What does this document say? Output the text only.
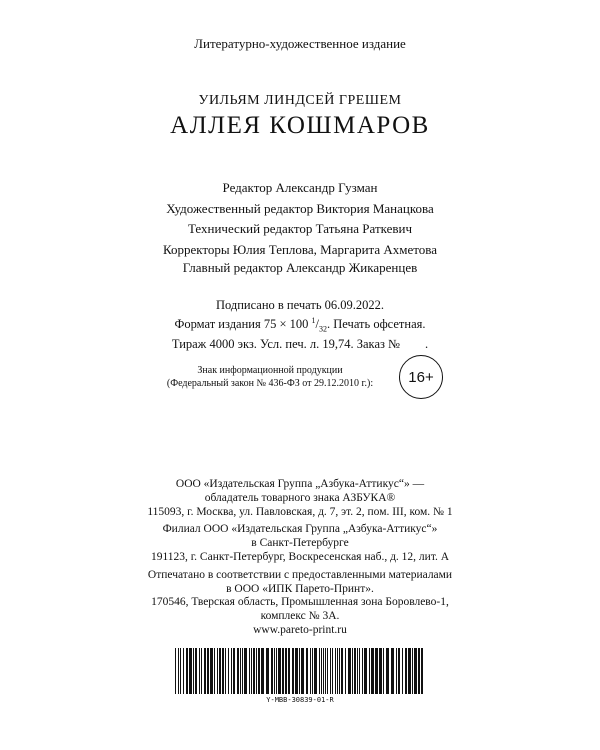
Литературно-художественное издание
УИЛЬЯМ ЛИНДСЕЙ ГРЕШЕМ
АЛЛЕЯ КОШМАРОВ
Редактор Александр Гузман
Художественный редактор Виктория Манацкова
Технический редактор Татьяна Раткевич
Корректоры Юлия Теплова, Маргарита Ахметова
Главный редактор Александр Жикаренцев
Подписано в печать 06.09.2022.
Формат издания 75 × 100 $^1/_{32}$. Печать офсетная.
Тираж 4000 экз. Усл. печ. л. 19,74. Заказ №        .
Знак информационной продукции
(Федеральный закон № 436-ФЗ от 29.12.2010 г.):	16+
ООО «Издательская Группа „Азбука-Аттикус“» —
обладатель товарного знака АЗБУКА®
115093, г. Москва, ул. Павловская, д. 7, эт. 2, пом. III, ком. № 1
Филиал ООО «Издательская Группа „Азбука-Аттикус“»
в Санкт-Петербурге
191123, г. Санкт-Петербург, Воскресенская наб., д. 12, лит. А
Отпечатано в соответствии с предоставленными материалами
в ООО «ИПК Парето-Принт».
170546, Тверская область, Промышленная зона Боровлево-1,
комплекс № 3А.
www.pareto-print.ru
Y-MBB-30839-01-R
